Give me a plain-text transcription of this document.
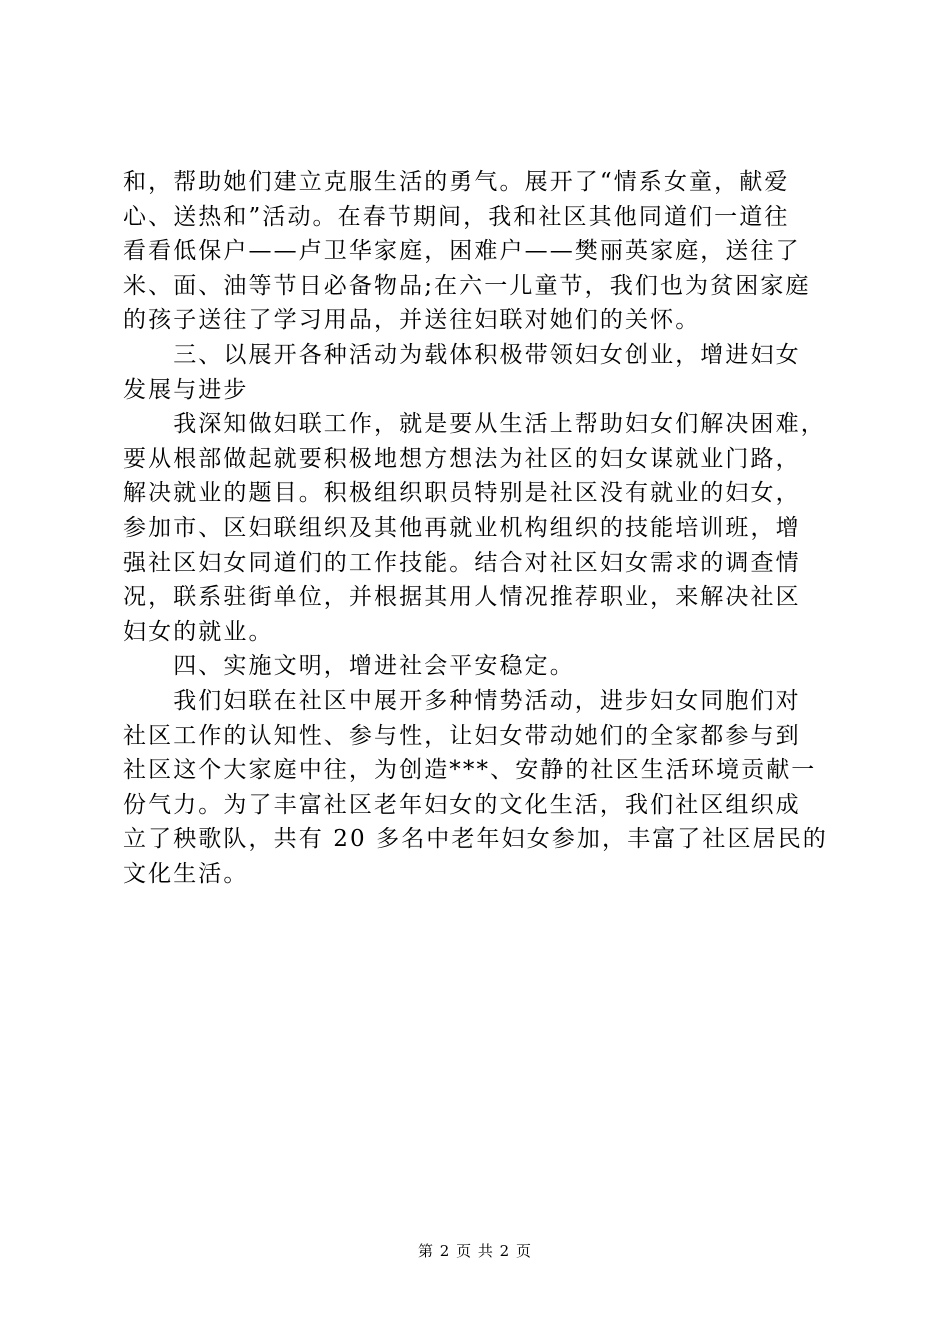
和，帮助她们建立克服生活的勇气。展开了“情系女童，献爱
心、送热和”活动。在春节期间，我和社区其他同道们一道往
看看低保户——卢卫华家庭，困难户——樊丽英家庭，送往了
米、面、油等节日必备物品;在六一儿童节，我们也为贫困家庭
的孩子送往了学习用品，并送往妇联对她们的关怀。
　　三、以展开各种活动为载体积极带领妇女创业，增进妇女
发展与进步
　　我深知做妇联工作，就是要从生活上帮助妇女们解决困难，
要从根部做起就要积极地想方想法为社区的妇女谋就业门路，
解决就业的题目。积极组织职员特别是社区没有就业的妇女，
参加市、区妇联组织及其他再就业机构组织的技能培训班，增
强社区妇女同道们的工作技能。结合对社区妇女需求的调查情
况，联系驻街单位，并根据其用人情况推荐职业，来解决社区
妇女的就业。
　　四、实施文明，增进社会平安稳定。
　　我们妇联在社区中展开多种情势活动，进步妇女同胞们对
社区工作的认知性、参与性，让妇女带动她们的全家都参与到
社区这个大家庭中往，为创造***、安静的社区生活环境贡献一
份气力。为了丰富社区老年妇女的文化生活，我们社区组织成
立了秧歌队，共有 20 多名中老年妇女参加，丰富了社区居民的
文化生活。
第 2 页 共 2 页
